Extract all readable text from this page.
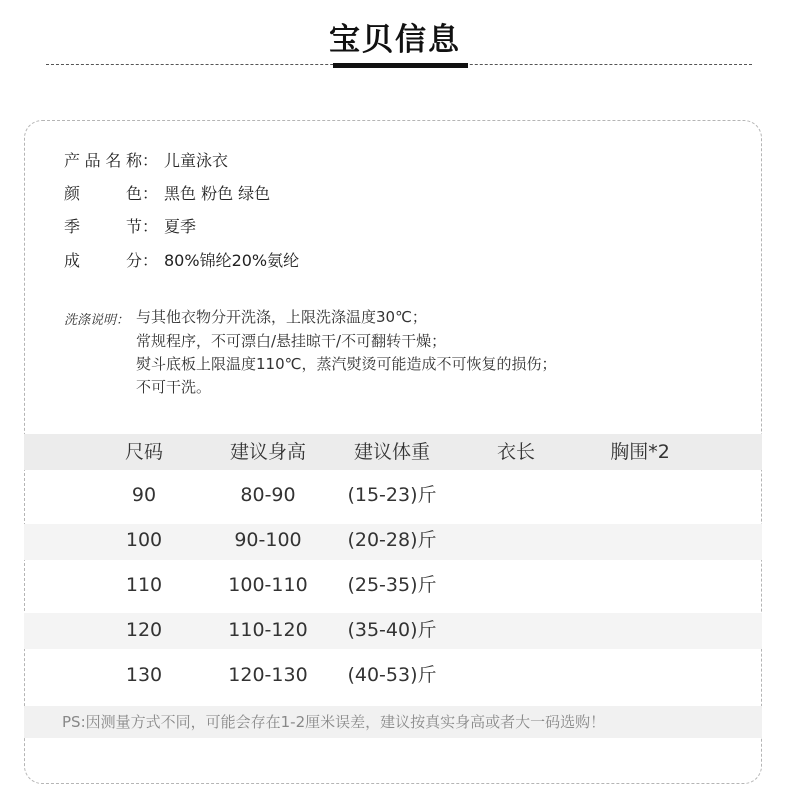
宝贝信息
产 品 名 称 ： 儿童泳衣
颜	色 ： 黑色 粉色 绿色
季	节 ： 夏季
成	分 ： 80%锦纶20%氨纶
洗涤说明： 与其他衣物分开洗涤，上限洗涤温度30℃；
常规程序，不可漂白/悬挂晾干/不可翻转干燥；
熨斗底板上限温度110℃，蒸汽熨烫可能造成不可恢复的损伤；
不可干洗。
尺码	建议身高	建议体重	衣长	胸围*2
90	80-90	(15-23)斤
100	90-100	(20-28)斤
110	100-110	(25-35)斤
120	110-120	(35-40)斤
130	120-130	(40-53)斤
PS:因测量方式不同，可能会存在1-2厘米误差，建议按真实身高或者大一码选购！
